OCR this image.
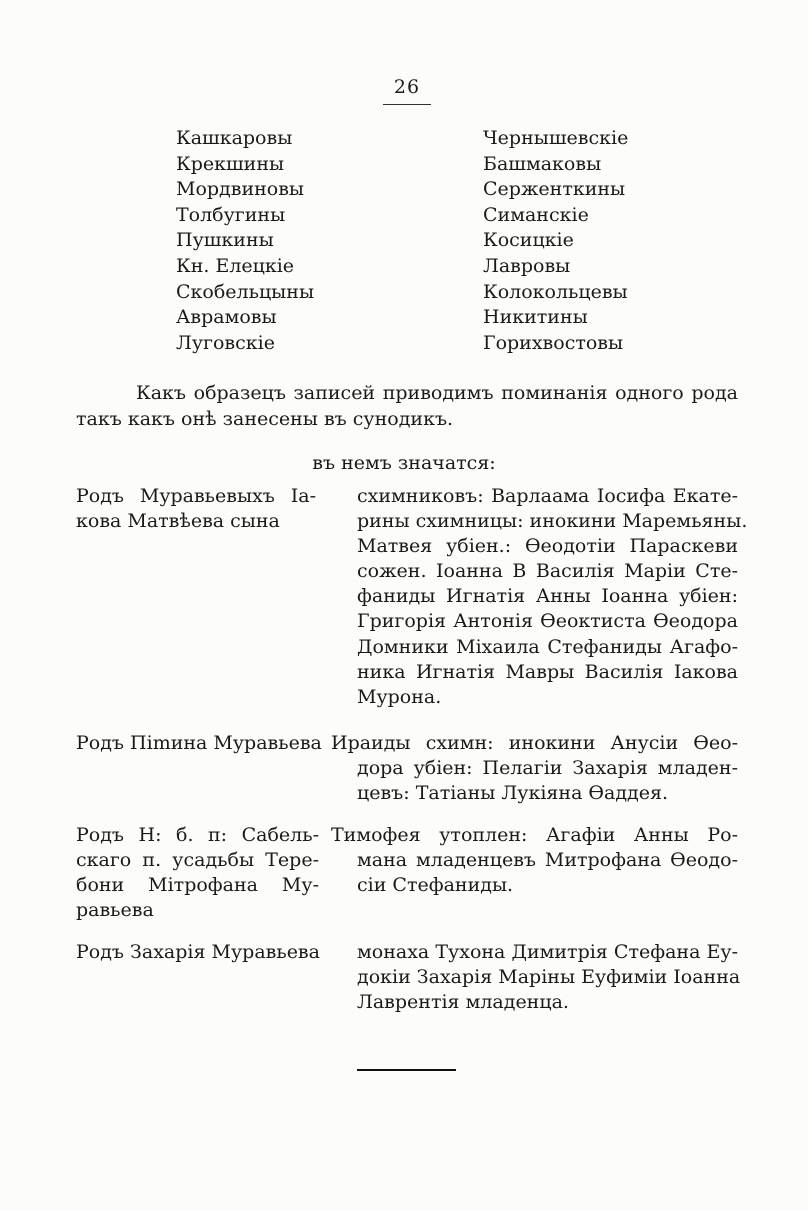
26
Кашкаровы
Крекшины
Мордвиновы
Толбугины
Пушкины
Кн. Елецкіе
Скобельцыны
Аврамовы
Луговскіе
Чернышевскіе
Башмаковы
Серженткины
Симанскіе
Косицкіе
Лавровы
Колокольцевы
Никитины
Горихвостовы
Какъ образецъ записей приводимъ поминанія одного рода
такъ какъ онѣ занесены въ сунодикъ.
въ немъ значатся:
Родъ Муравьевыхъ Іа-
кова Матвѣева сына
схимниковъ: Варлаама Іосифа Екате-
рины схимницы: инокини Маремьяны.
Матвея убіен.: Ѳеодотіи Параскеви
сожен. Іоанна В Василія Маріи Сте-
фаниды Игнатія Анны Іоанна убіен:
Григорія Антонія Ѳеоктиста Ѳеодора
Домники Міхаила Стефаниды Агафо-
ника Игнатія Мавры Василія Іакова
Мурона.
Родъ Піmина Муравьева Ираиды схимн: инокини Анусіи Ѳео-
дора убіен: Пелагіи Захарія младен-
цевъ: Татіаны Лукіяна Ѳаддея.
Родъ Н: б. п: Сабель-
скаго п. усадьбы Тере-
бони Мітрофана Му-
равьева
Тимофея утоплен: Агафіи Анны Ро-
мана младенцевъ Митрофана Ѳеодо-
сіи Стефаниды.
Родъ Захарія Муравьева	монаха Тухона Димитрія Стефана Еу-
докіи Захарія Маріны Еуфиміи Іоанна
Лаврентія младенца.
